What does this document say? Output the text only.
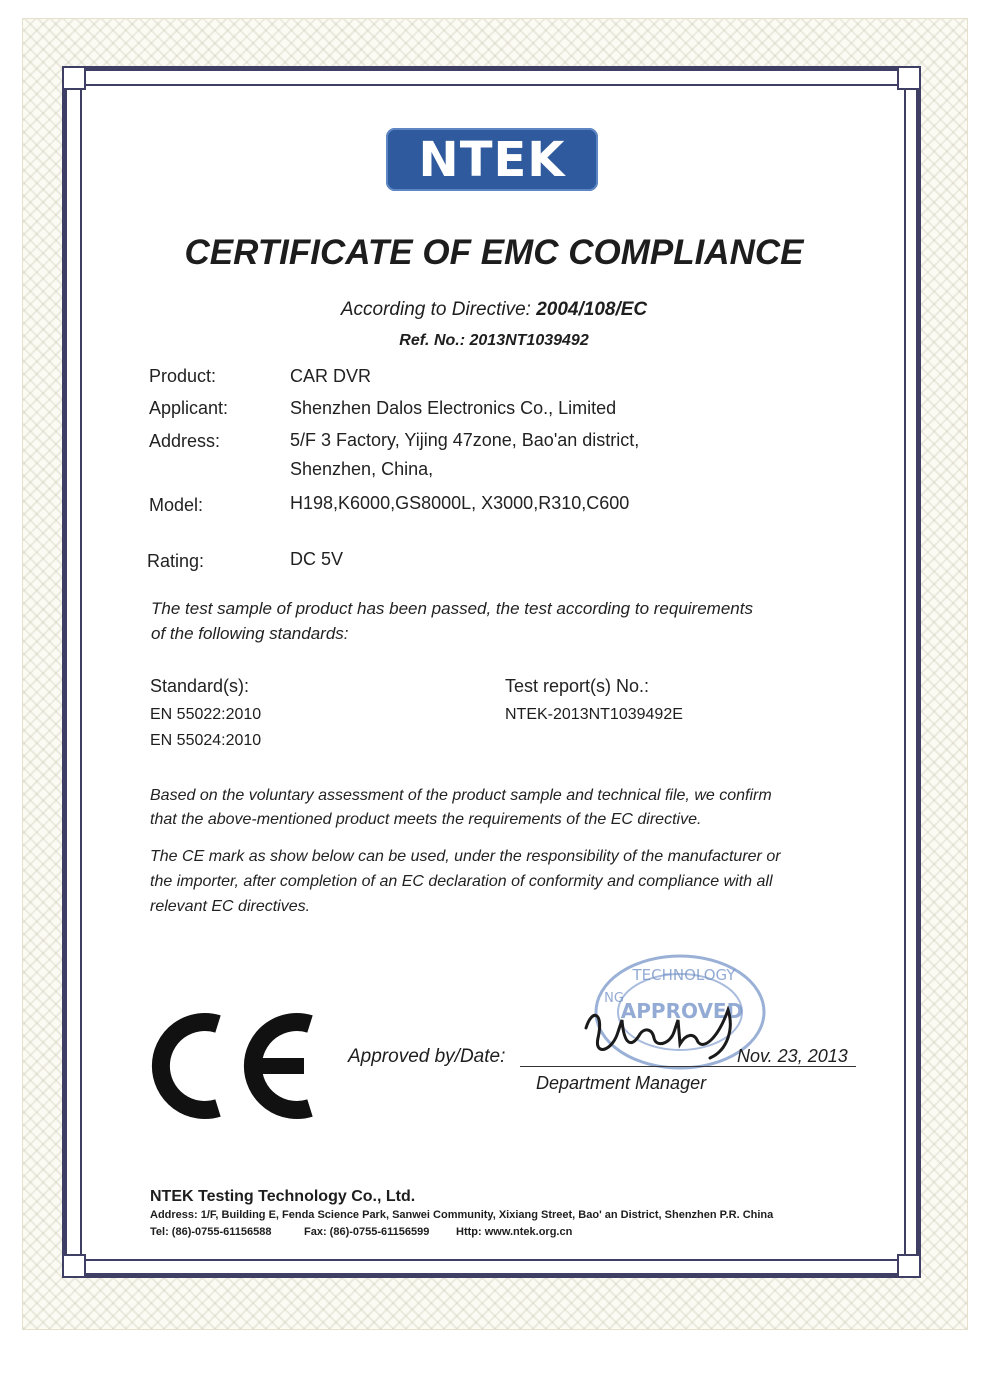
NTEK
CERTIFICATE OF EMC COMPLIANCE
According to Directive: 2004/108/EC
Ref. No.: 2013NT1039492
Product:	CAR DVR
Applicant:	Shenzhen Dalos Electronics Co., Limited
Address:	5/F 3 Factory, Yijing 47zone, Bao'an district,
Shenzhen, China,
Model:	H198,K6000,GS8000L, X3000,R310,C600
Rating:	DC 5V
The test sample of product has been passed, the test according to requirements
of the following standards:
Standard(s):
EN 55022:2010
EN 55024:2010
Test report(s) No.:
NTEK-2013NT1039492E
Based on the voluntary assessment of the product sample and technical file, we confirm
that the above-mentioned product meets the requirements of the EC directive.
The CE mark as show below can be used, under the responsibility of the manufacturer or
the importer, after completion of an EC declaration of conformity and compliance with all
relevant EC directives.
TECHNOLOGY
NG
APPROVED
Approved by/Date:	Nov. 23, 2013
Department Manager
NTEK Testing Technology Co., Ltd.
Address: 1/F, Building E, Fenda Science Park, Sanwei Community, Xixiang Street, Bao' an District, Shenzhen P.R. China
Tel: (86)-0755-61156588	Fax: (86)-0755-61156599 Http: www.ntek.org.cn
